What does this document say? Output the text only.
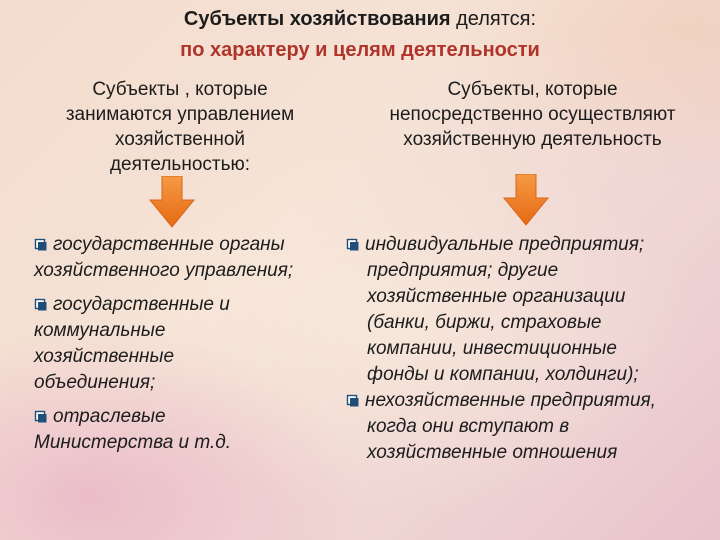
Субъекты хозяйствования делятся:
по характеру и целям деятельности
Субъекты , которые
занимаются управлением
хозяйственной
деятельностью:
Субъекты, которые
непосредственно осуществляют
хозяйственную деятельность
государственные органы
хозяйственного управления;
государственные и
коммунальные
хозяйственные
объединения;
отраслевые
Министерства и т.д.
индивидуальные предприятия;
предприятия; другие
хозяйственные организации
(банки, биржи, страховые
компании, инвестиционные
фонды и компании, холдинги);
нехозяйственные предприятия,
когда они вступают в
хозяйственные отношения
